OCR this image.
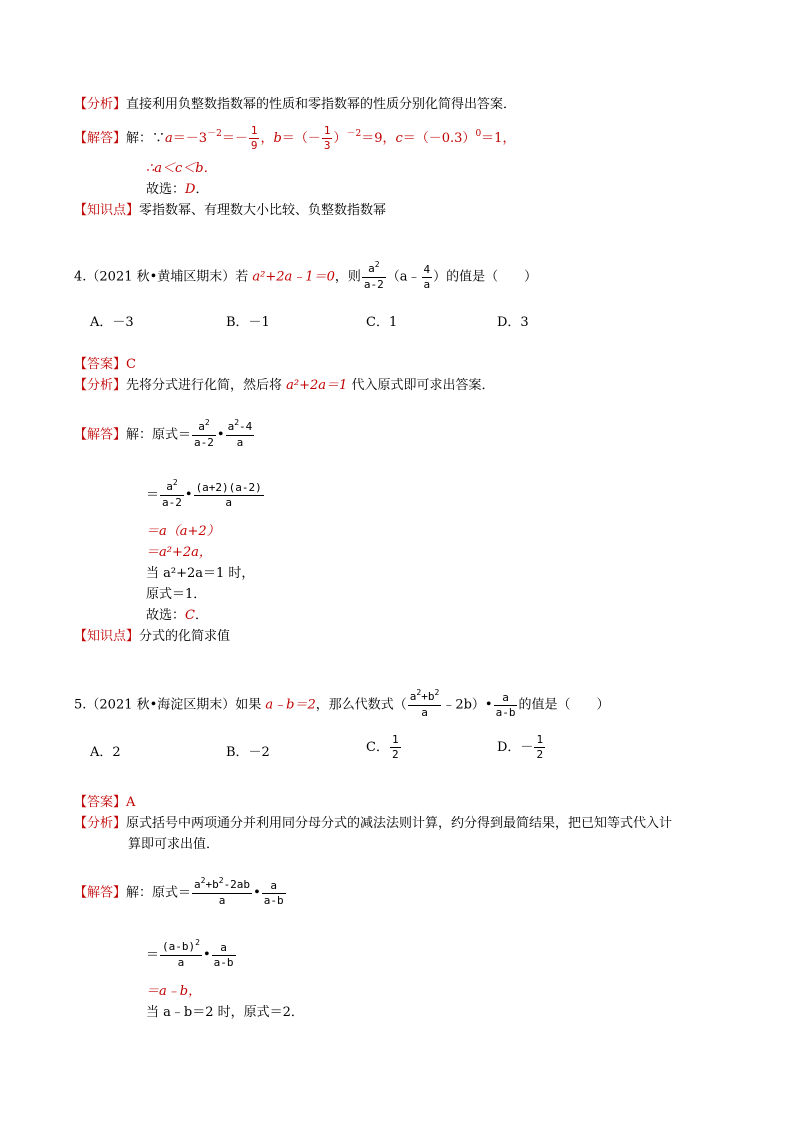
【分析】直接利用负整数指数幂的性质和零指数幂的性质分别化简得出答案．
【解答】解：$\because a=-3^{-2}=- \frac{1}{9}$ ，$b=(- \frac{1}{3} )^{-2}=9$，$c=(-0.3)^0=1$，
∴a＜c＜b．
故选：D．
【知识点】零指数幂、有理数大小比较、负整数指数幂
4.（2021 秋•黄埔区期末）若 a²+2a﹣1＝0，则 $\frac{a^2}{a-2}$ （a﹣ $\frac{4}{a}$ ）的值是（　　）
A．－3	B．－1	C．1	D．3
【答案】C
【分析】先将分式进行化简，然后将 a²+2a＝1 代入原式即可求出答案．
【解答】解：原式＝ $\frac{a^2}{a-2}$ • $\frac{a^2-4}{a}$
＝ $\frac{a^2}{a-2}$ • $\frac{(a+2)(a-2)}{a}$
＝a（a+2）
＝a²+2a，
当 a²+2a＝1 时，
原式＝1．
故选：C．
【知识点】分式的化简求值
5.（2021 秋•海淀区期末）如果 a﹣b＝2，那么代数式（ $\frac{a^2+b^2}{a}$ ﹣2b）• $\frac{a}{a-b}$ 的值是（　　）
A．2	B．－2	C． $\frac{1}{2}$	D．－ $\frac{1}{2}$
【答案】A
【分析】原式括号中两项通分并利用同分母分式的减法法则计算，约分得到最简结果，把已知等式代入计
算即可求出值．
【解答】解：原式＝ $\frac{a^2+b^2-2ab}{a}$ • $\frac{a}{a-b}$
＝ $\frac{(a-b)^2}{a}$ • $\frac{a}{a-b}$
＝a﹣b，
当 a﹣b＝2 时，原式＝2．
